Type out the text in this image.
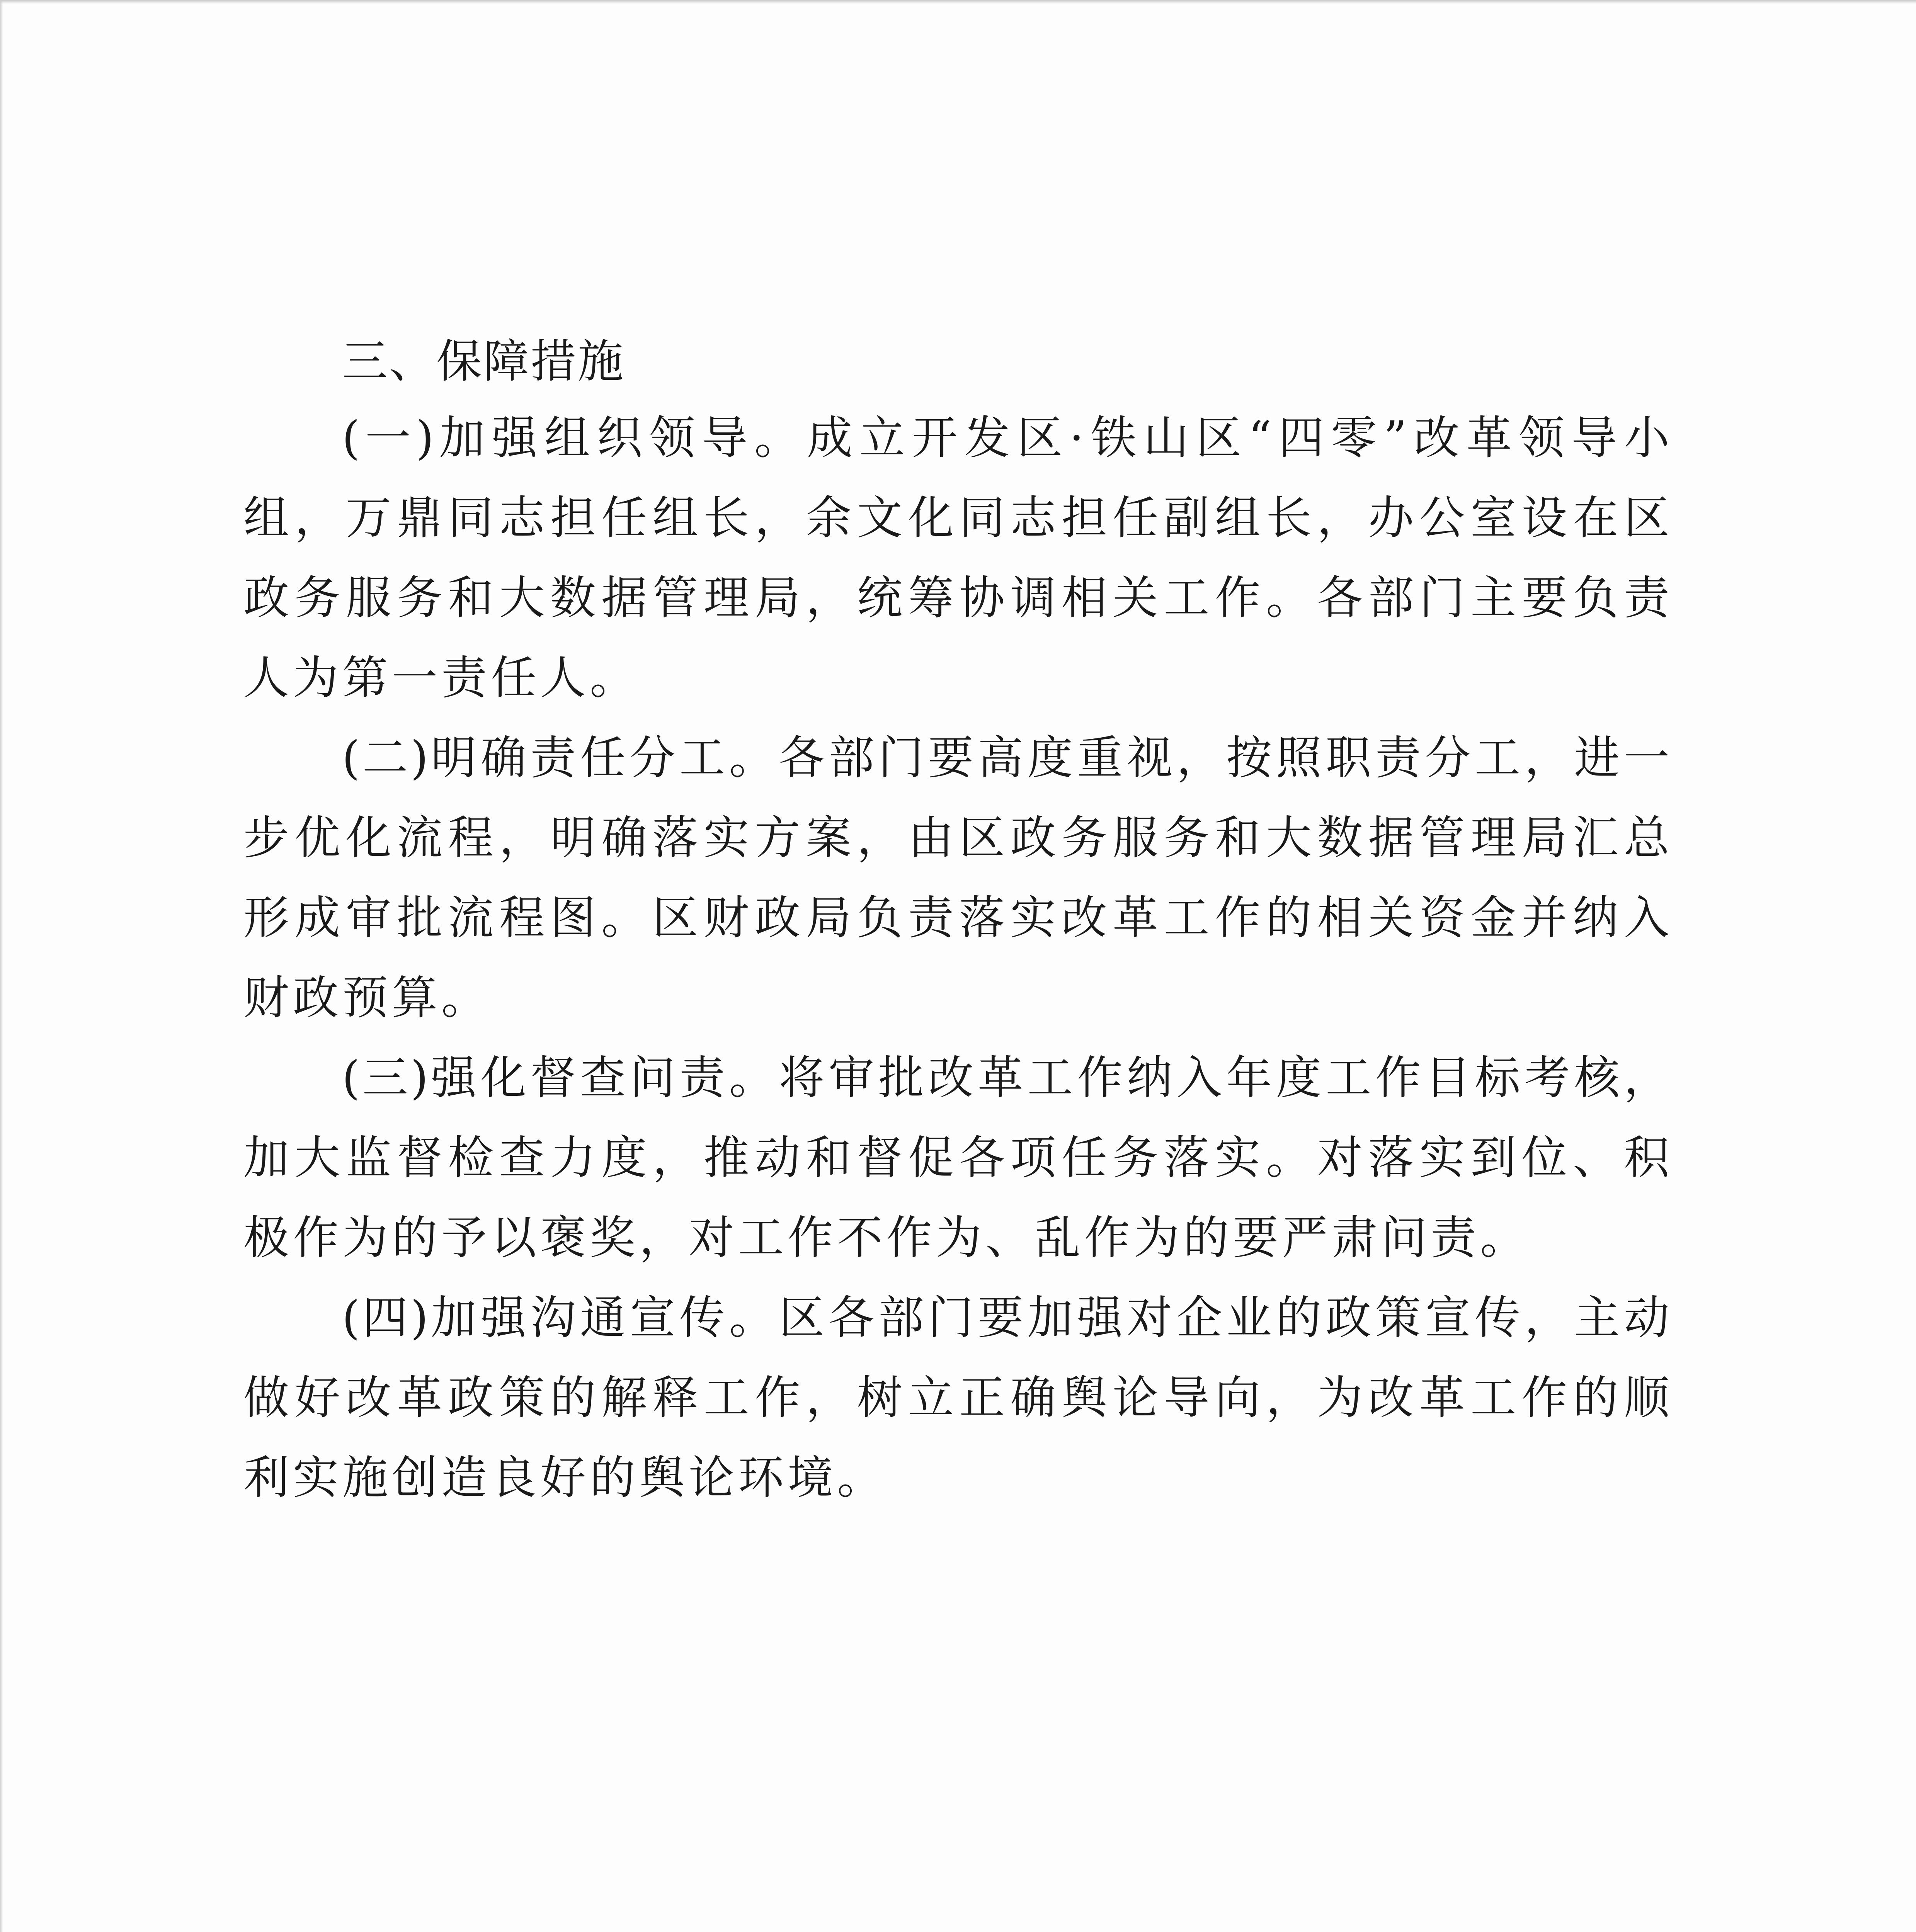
三、保障措施

(一)加强组织领导。成立开发区·铁山区“四零”改革领导小组，万鼎同志担任组长，余文化同志担任副组长，办公室设在区政务服务和大数据管理局，统筹协调相关工作。各部门主要负责人为第一责任人。

(二)明确责任分工。各部门要高度重视，按照职责分工，进一步优化流程，明确落实方案，由区政务服务和大数据管理局汇总形成审批流程图。区财政局负责落实改革工作的相关资金并纳入财政预算。

(三)强化督查问责。将审批改革工作纳入年度工作目标考核，加大监督检查力度，推动和督促各项任务落实。对落实到位、积极作为的予以褒奖，对工作不作为、乱作为的要严肃问责。

(四)加强沟通宣传。区各部门要加强对企业的政策宣传，主动做好改革政策的解释工作，树立正确舆论导向，为改革工作的顺利实施创造良好的舆论环境。
